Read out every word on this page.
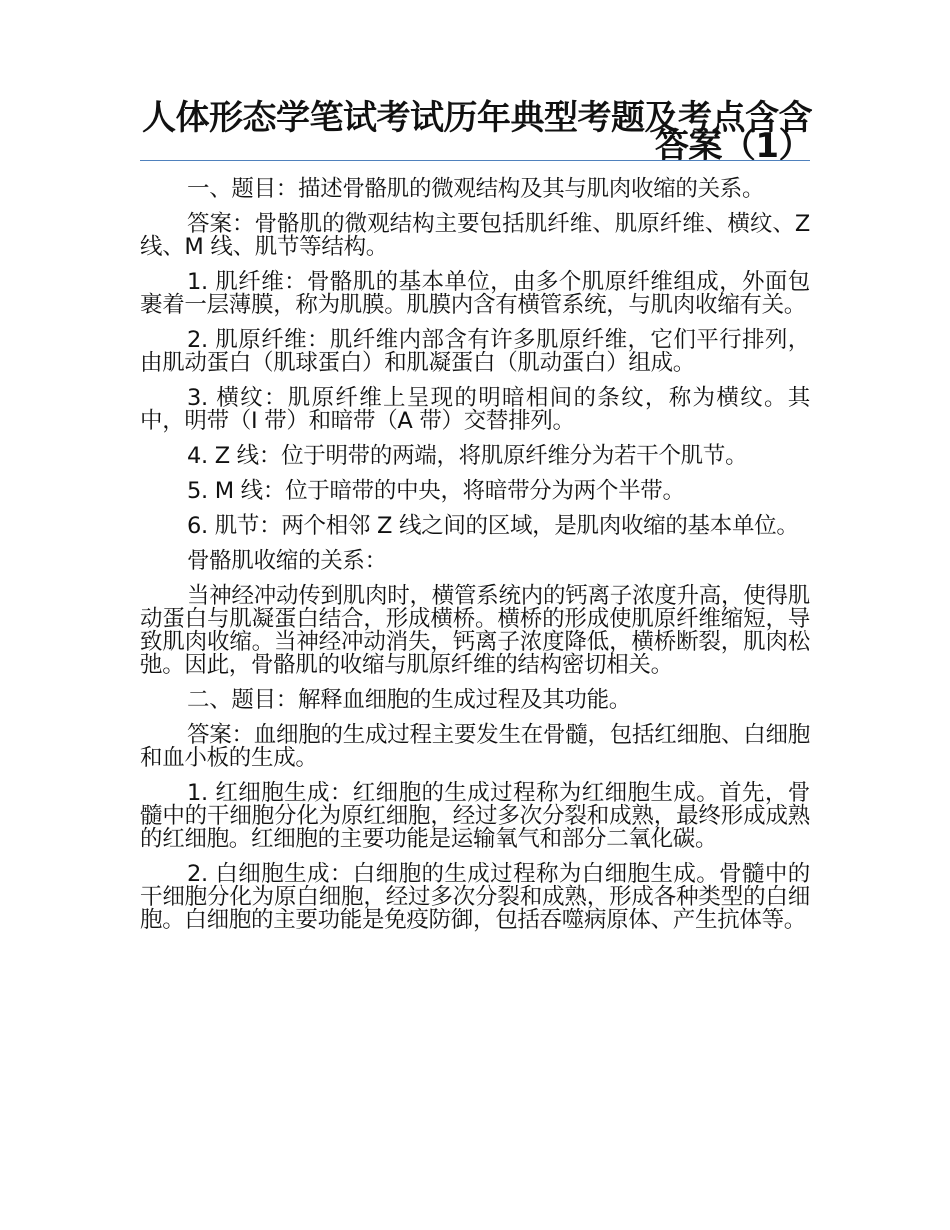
人体形态学笔试考试历年典型考题及考点含含答案（1）

一、题目：描述骨骼肌的微观结构及其与肌肉收缩的关系。

答案：骨骼肌的微观结构主要包括肌纤维、肌原纤维、横纹、Z 线、M 线、肌节等结构。

1. 肌纤维：骨骼肌的基本单位，由多个肌原纤维组成，外面包裹着一层薄膜，称为肌膜。肌膜内含有横管系统，与肌肉收缩有关。

2. 肌原纤维：肌纤维内部含有许多肌原纤维，它们平行排列，由肌动蛋白（肌球蛋白）和肌凝蛋白（肌动蛋白）组成。

3. 横纹：肌原纤维上呈现的明暗相间的条纹，称为横纹。其中，明带（I 带）和暗带（A 带）交替排列。

4. Z 线：位于明带的两端，将肌原纤维分为若干个肌节。

5. M 线：位于暗带的中央，将暗带分为两个半带。

6. 肌节：两个相邻 Z 线之间的区域，是肌肉收缩的基本单位。

骨骼肌收缩的关系：

当神经冲动传到肌肉时，横管系统内的钙离子浓度升高，使得肌动蛋白与肌凝蛋白结合，形成横桥。横桥的形成使肌原纤维缩短，导致肌肉收缩。当神经冲动消失，钙离子浓度降低，横桥断裂，肌肉松弛。因此，骨骼肌的收缩与肌原纤维的结构密切相关。

二、题目：解释血细胞的生成过程及其功能。

答案：血细胞的生成过程主要发生在骨髓，包括红细胞、白细胞和血小板的生成。

1. 红细胞生成：红细胞的生成过程称为红细胞生成。首先，骨髓中的干细胞分化为原红细胞，经过多次分裂和成熟，最终形成成熟的红细胞。红细胞的主要功能是运输氧气和部分二氧化碳。

2. 白细胞生成：白细胞的生成过程称为白细胞生成。骨髓中的干细胞分化为原白细胞，经过多次分裂和成熟，形成各种类型的白细胞。白细胞的主要功能是免疫防御，包括吞噬病原体、产生抗体等。
